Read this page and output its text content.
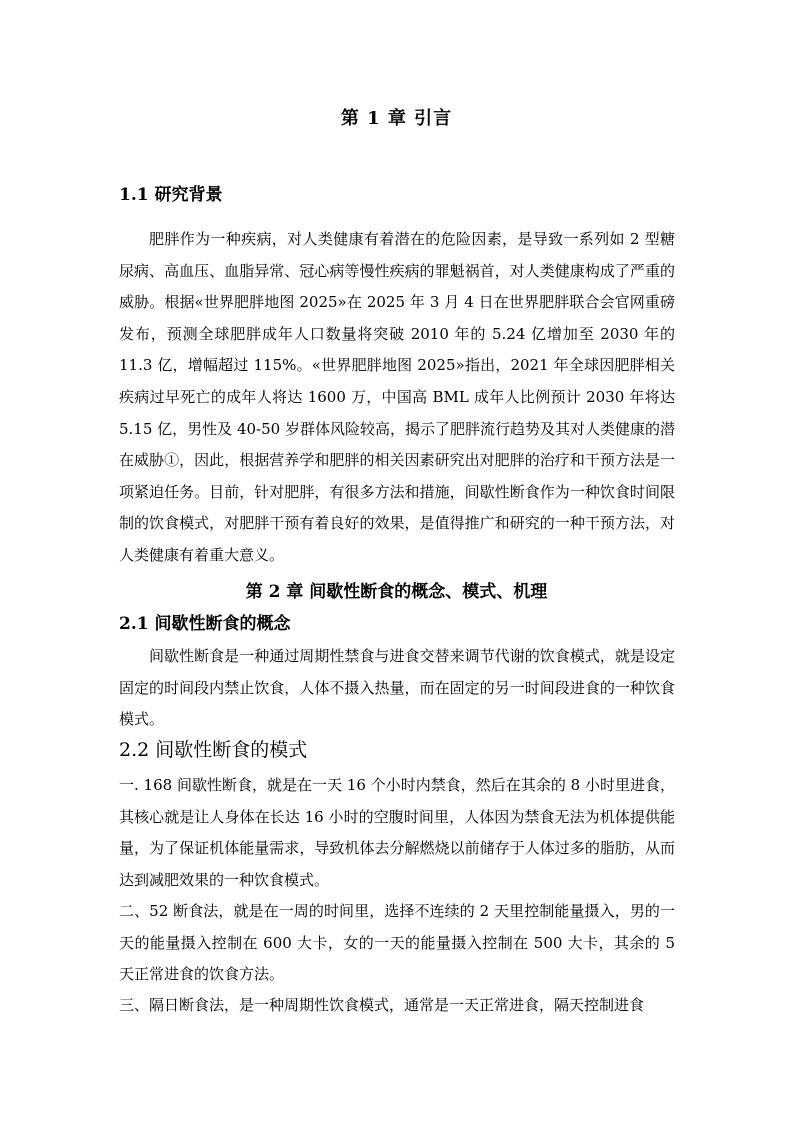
第 1 章 引言
1.1 研究背景

肥胖作为一种疾病，对人类健康有着潜在的危险因素，是导致一系列如 2 型糖尿病、高血压、血脂异常、冠心病等慢性疾病的罪魁祸首，对人类健康构成了严重的威胁。根据«世界肥胖地图 2025»在 2025 年 3 月 4 日在世界肥胖联合会官网重磅发布，预测全球肥胖成年人口数量将突破 2010 年的 5.24 亿增加至 2030 年的 11.3 亿，增幅超过 115%。«世界肥胖地图 2025»指出，2021 年全球因肥胖相关疾病过早死亡的成年人将达 1600 万，中国高 BML 成年人比例预计 2030 年将达 5.15 亿，男性及 40-50 岁群体风险较高，揭示了肥胖流行趋势及其对人类健康的潜在威胁①，因此，根据营养学和肥胖的相关因素研究出对肥胖的治疗和干预方法是一项紧迫任务。目前，针对肥胖，有很多方法和措施，间歇性断食作为一种饮食时间限制的饮食模式，对肥胖干预有着良好的效果，是值得推广和研究的一种干预方法，对人类健康有着重大意义。

第 2 章 间歇性断食的概念、模式、机理
2.1 间歇性断食的概念

间歇性断食是一种通过周期性禁食与进食交替来调节代谢的饮食模式，就是设定固定的时间段内禁止饮食，人体不摄入热量，而在固定的另一时间段进食的一种饮食模式。

2.2 间歇性断食的模式

一. 168 间歇性断食，就是在一天 16 个小时内禁食，然后在其余的 8 小时里进食，其核心就是让人身体在长达 16 小时的空腹时间里，人体因为禁食无法为机体提供能量，为了保证机体能量需求，导致机体去分解燃烧以前储存于人体过多的脂肪，从而达到减肥效果的一种饮食模式。

二、52 断食法，就是在一周的时间里，选择不连续的 2 天里控制能量摄入，男的一天的能量摄入控制在 600 大卡，女的一天的能量摄入控制在 500 大卡，其余的 5 天正常进食的饮食方法。

三、隔日断食法，是一种周期性饮食模式，通常是一天正常进食，隔天控制进食
